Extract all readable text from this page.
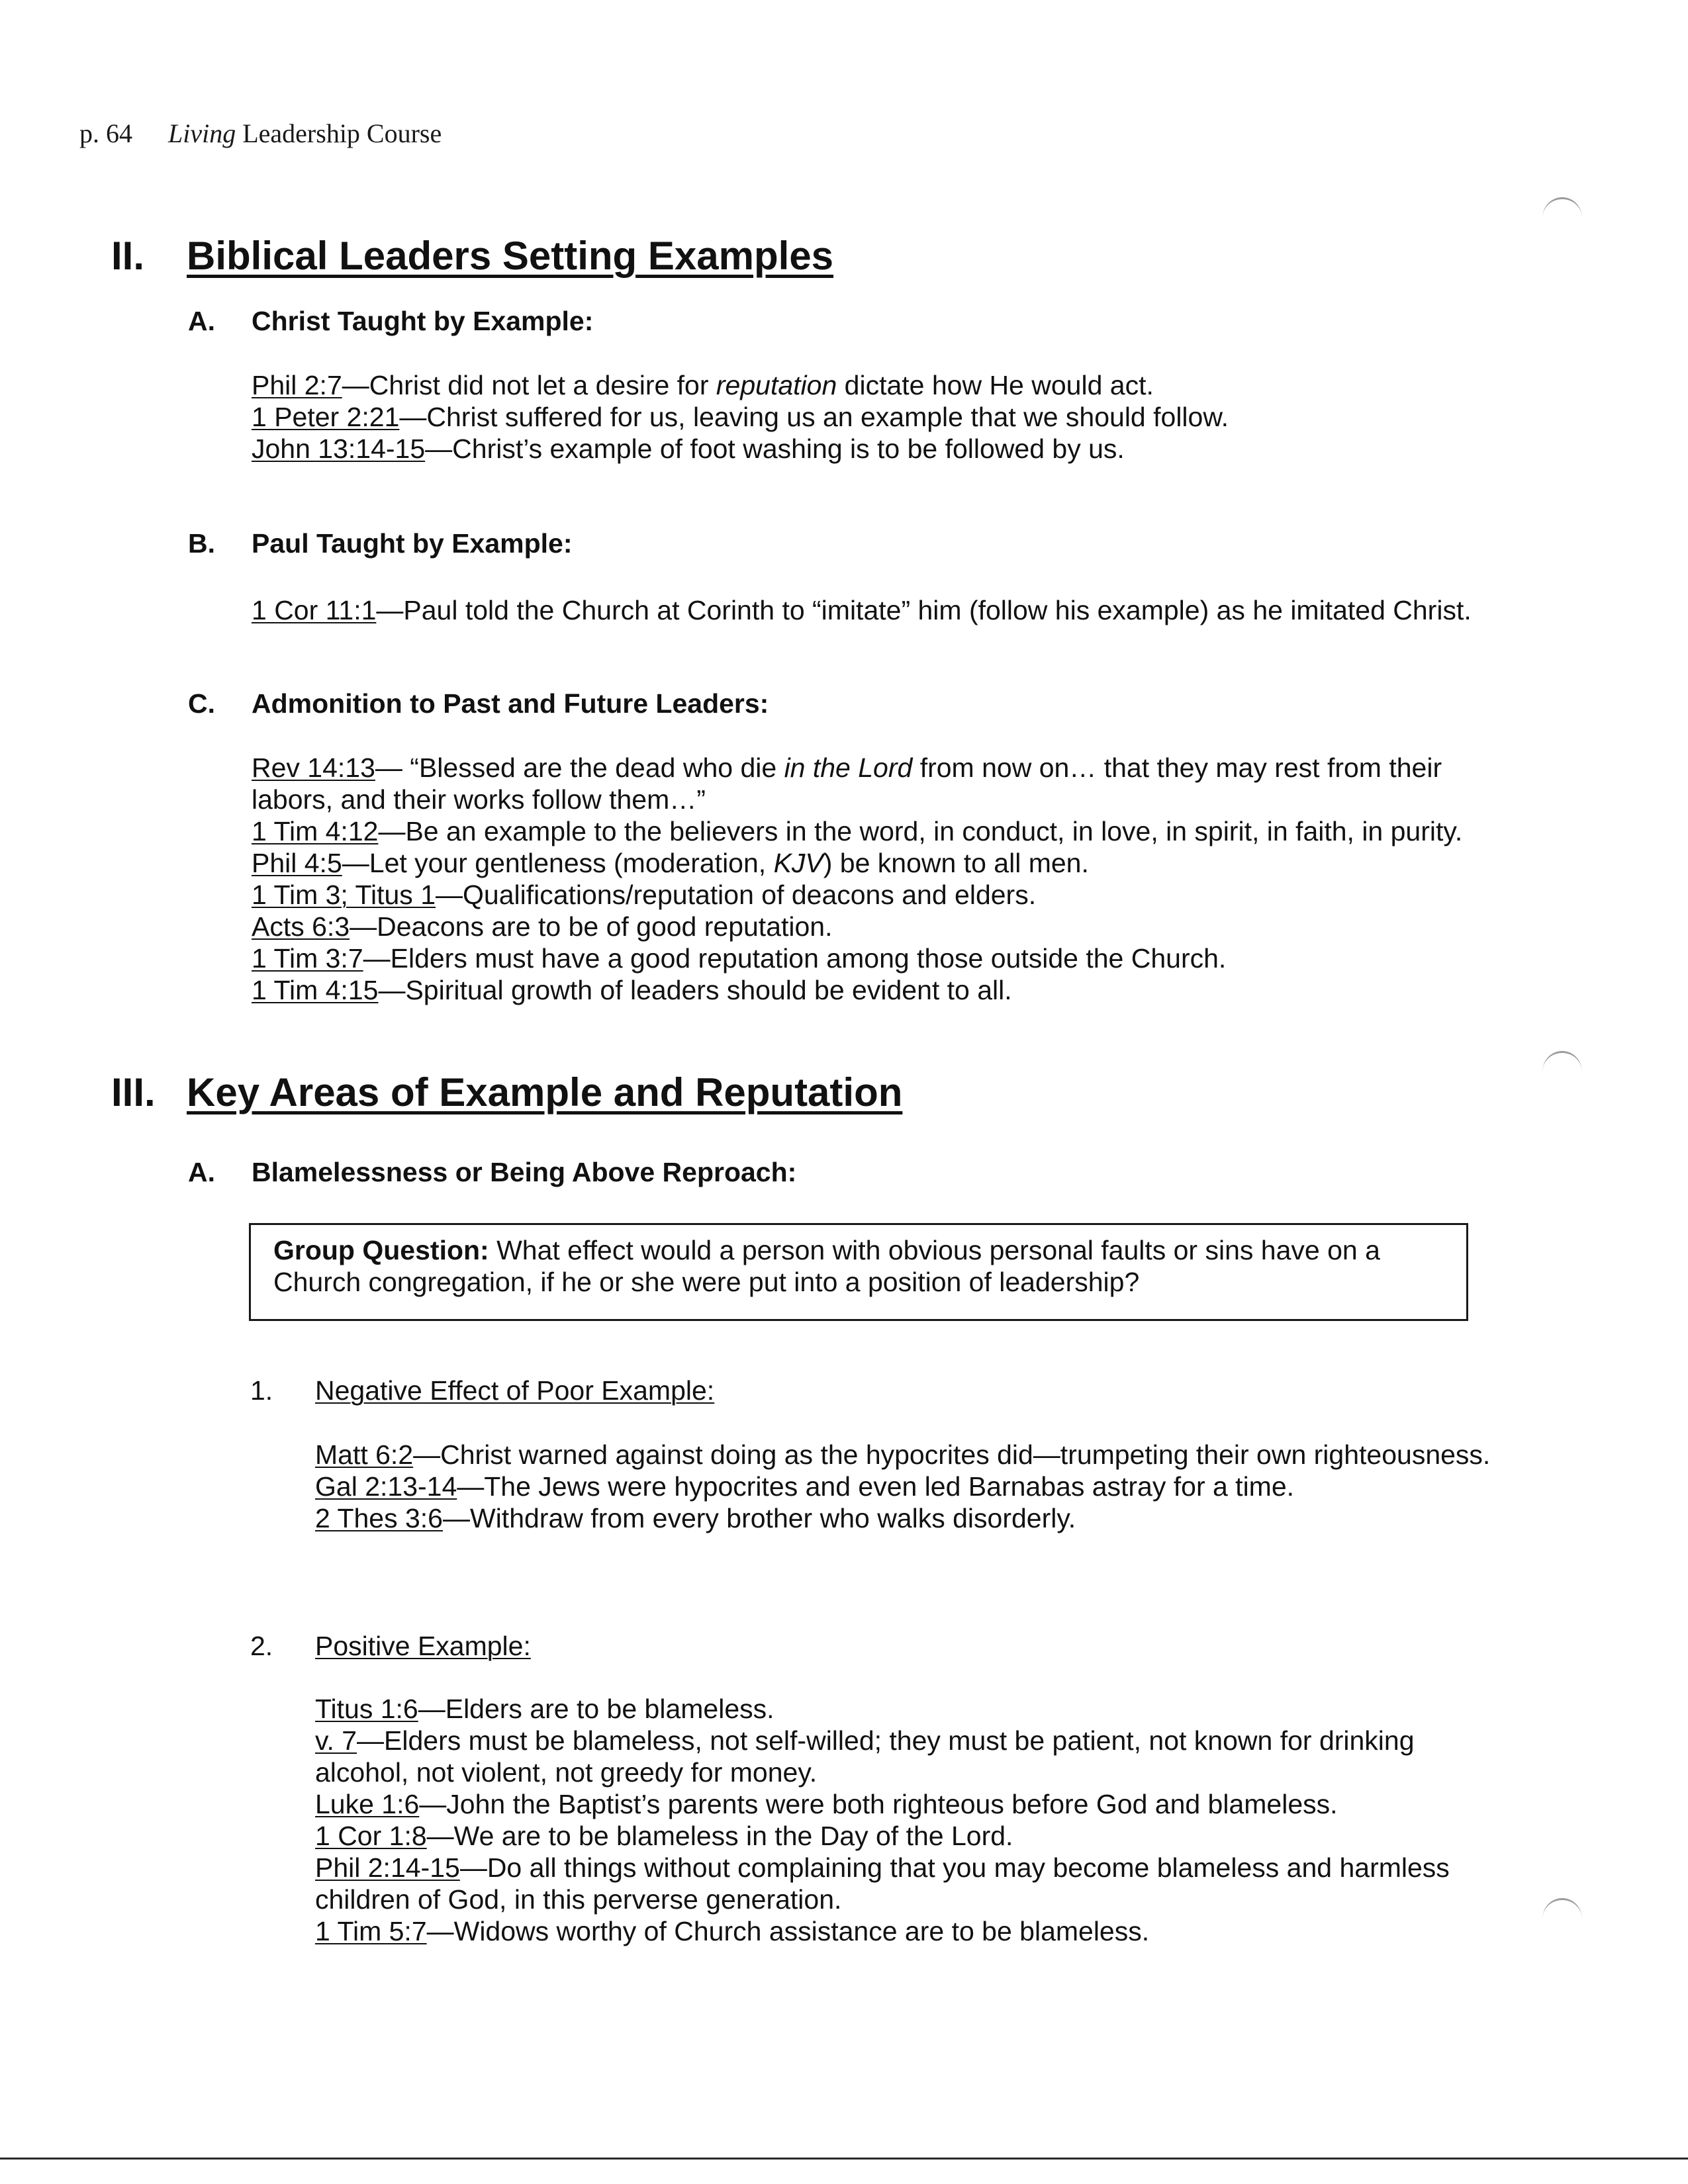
p. 64 Living Leadership Course
II. Biblical Leaders Setting Examples
A. Christ Taught by Example:

Phil 2:7—Christ did not let a desire for reputation dictate how He would act.

1 Peter 2:21—Christ suffered for us, leaving us an example that we should follow.

John 13:14-15—Christ’s example of foot washing is to be followed by us.

B. Paul Taught by Example:

1 Cor 11:1—Paul told the Church at Corinth to “imitate” him (follow his example) as he imitated Christ.

C. Admonition to Past and Future Leaders:

Rev 14:13— “Blessed are the dead who die in the Lord from now on… that they may rest from their labors, and their works follow them…”

1 Tim 4:12—Be an example to the believers in the word, in conduct, in love, in spirit, in faith, in purity.

Phil 4:5—Let your gentleness (moderation, KJV) be known to all men.

1 Tim 3; Titus 1—Qualifications/reputation of deacons and elders.

Acts 6:3—Deacons are to be of good reputation.

1 Tim 3:7—Elders must have a good reputation among those outside the Church.

1 Tim 4:15—Spiritual growth of leaders should be evident to all.

III. Key Areas of Example and Reputation
A. Blamelessness or Being Above Reproach:
Group Question: What effect would a person with obvious personal faults or sins have on a Church congregation, if he or she were put into a position of leadership?
1. Negative Effect of Poor Example:

Matt 6:2—Christ warned against doing as the hypocrites did—trumpeting their own righteousness.

Gal 2:13-14—The Jews were hypocrites and even led Barnabas astray for a time.

2 Thes 3:6—Withdraw from every brother who walks disorderly.

2. Positive Example:

Titus 1:6—Elders are to be blameless.

v. 7—Elders must be blameless, not self-willed; they must be patient, not known for drinking alcohol, not violent, not greedy for money.

Luke 1:6—John the Baptist’s parents were both righteous before God and blameless.

1 Cor 1:8—We are to be blameless in the Day of the Lord.

Phil 2:14-15—Do all things without complaining that you may become blameless and harmless children of God, in this perverse generation.

1 Tim 5:7—Widows worthy of Church assistance are to be blameless.
